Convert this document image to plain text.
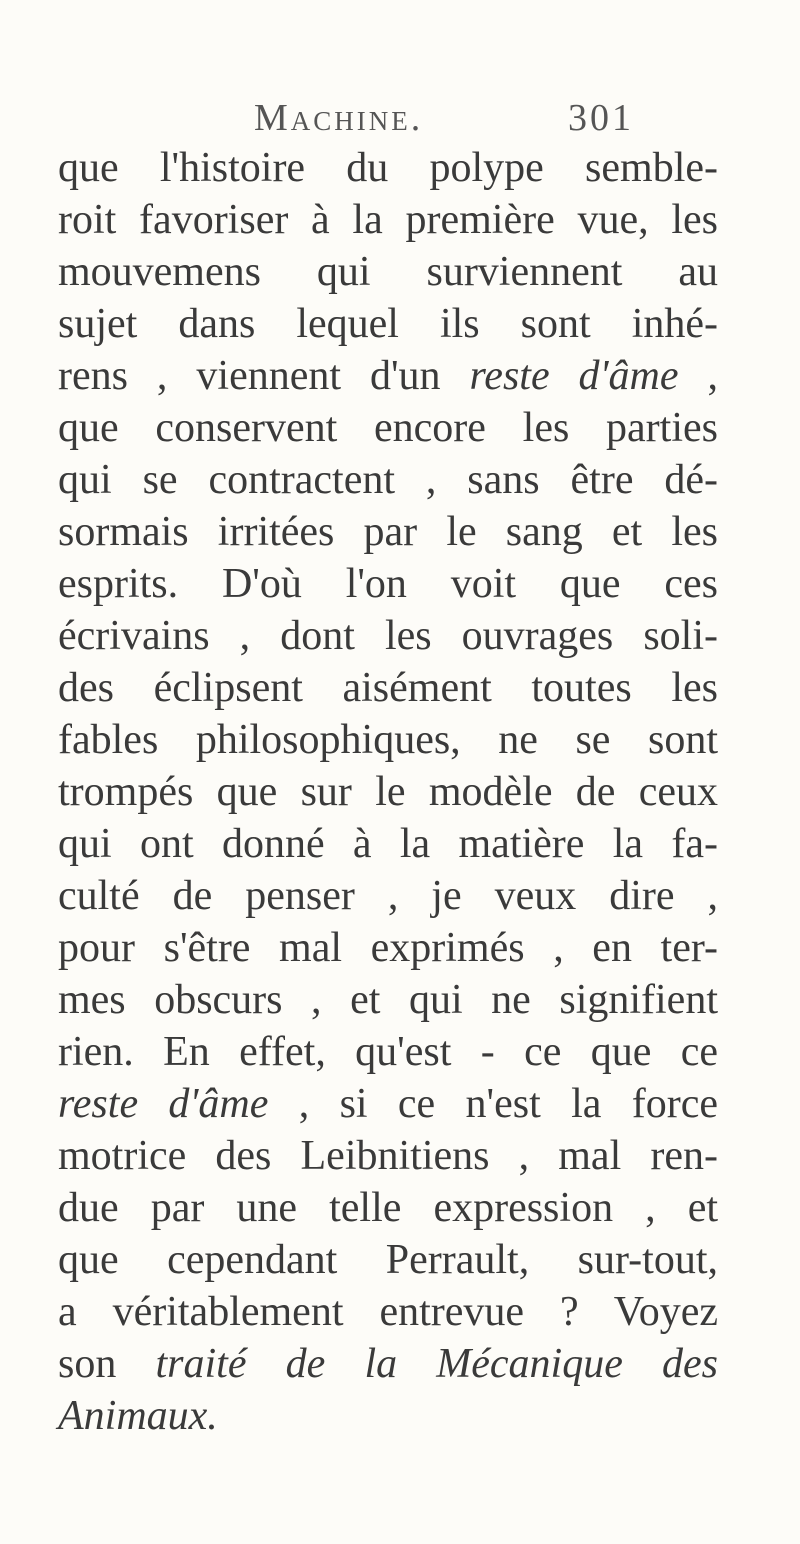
Machine.	301
que l'histoire du polype semble-
roit favoriser à la première vue, les
mouvemens qui surviennent au
sujet dans lequel ils sont inhé-
rens , viennent d'un reste d'âme ,
que conservent encore les parties
qui se contractent , sans être dé-
sormais irritées par le sang et les
esprits. D'où l'on voit que ces
écrivains , dont les ouvrages soli-
des éclipsent aisément toutes les
fables philosophiques, ne se sont
trompés que sur le modèle de ceux
qui ont donné à la matière la fa-
culté de penser , je veux dire ,
pour s'être mal exprimés , en ter-
mes obscurs , et qui ne signifient
rien. En effet, qu'est - ce que ce
reste d'âme , si ce n'est la force
motrice des Leibnitiens , mal ren-
due par une telle expression , et
que cependant Perrault, sur-tout,
a véritablement entrevue ? Voyez
son traité de la Mécanique des
Animaux.
